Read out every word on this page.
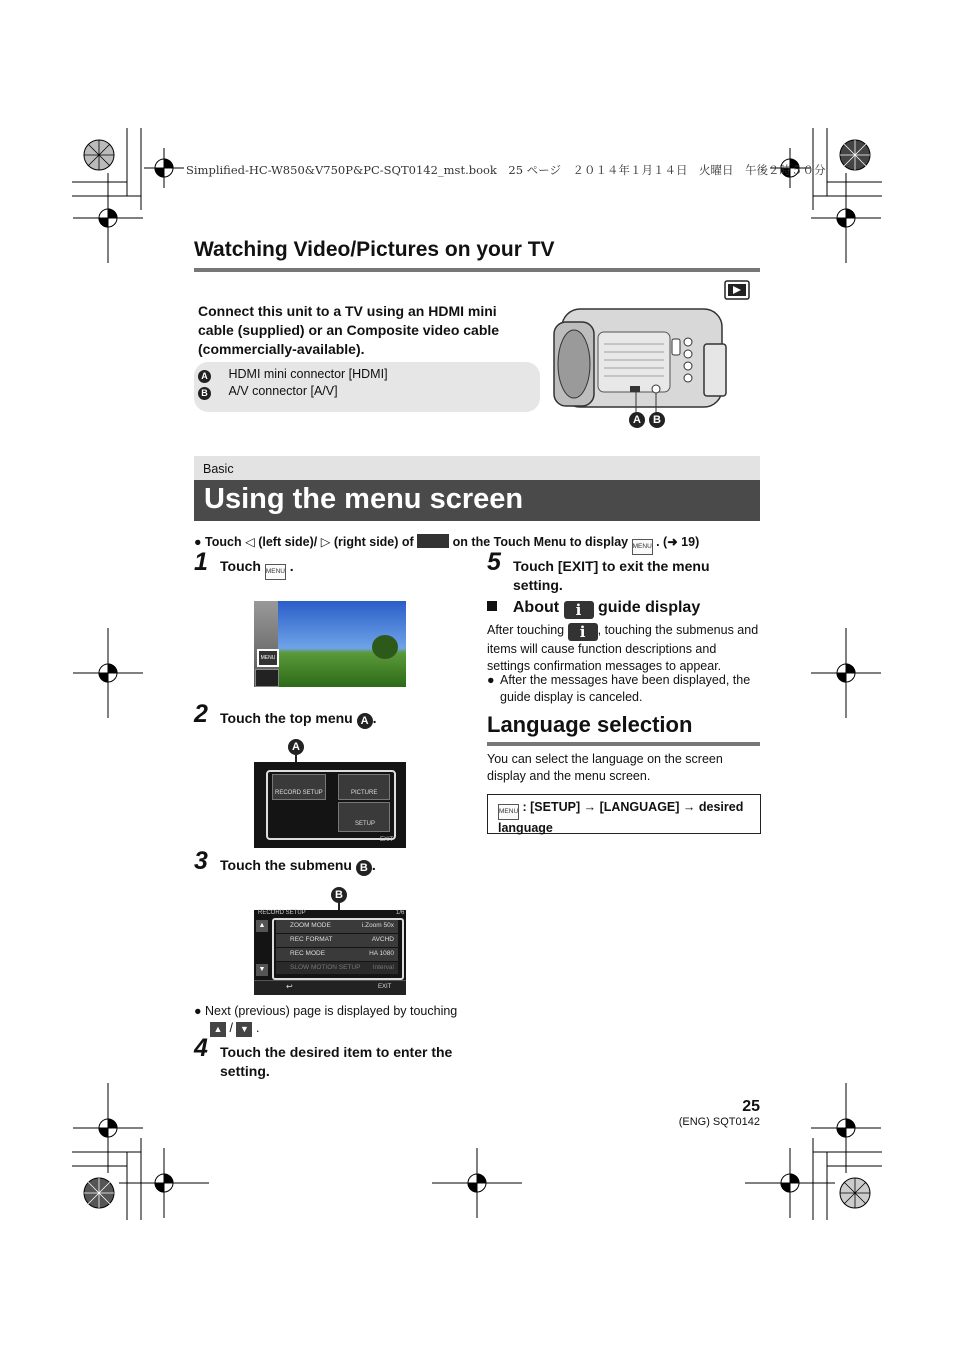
Simplified-HC-W850&V750P&PC-SQT0142_mst.book　25 ページ　２０１４年１月１４日　火曜日　午後２時５０分
Watching Video/Pictures on your TV
Connect this unit to a TV using an HDMI mini cable (supplied) or an Composite video cable (commercially-available).
A HDMI mini connector [HDMI]
B A/V connector [A/V]
A	B
Basic
Using the menu screen
● Touch ◁ (left side)/ ▷ (right side) of	on the Touch Menu to display MENU . (➜ 19)
1 Touch MENU .
MENU
2 Touch the top menu A .
A
RECORD SETUP	PICTURE
SETUP
EXIT
3 Touch the submenu B .
B
RECORD SETUP	1/6
▲
▼
ZOOM MODE	i.Zoom 50x
REC FORMAT	AVCHD
REC MODE	HA 1080
SLOW MOTION SETUP Interval
↩	EXIT
● Next (previous) page is displayed by touching
▲ / ▼ .
4 Touch the desired item to enter the setting.
5 Touch [EXIT] to exit the menu setting.
About i guide display
After touching i , touching the submenus and items will cause function descriptions and settings confirmation messages to appear.
● After the messages have been displayed, the guide display is canceled.
Language selection
You can select the language on the screen display and the menu screen.
MENU : [SETUP] → [LANGUAGE] → desired language
25
(ENG) SQT0142
